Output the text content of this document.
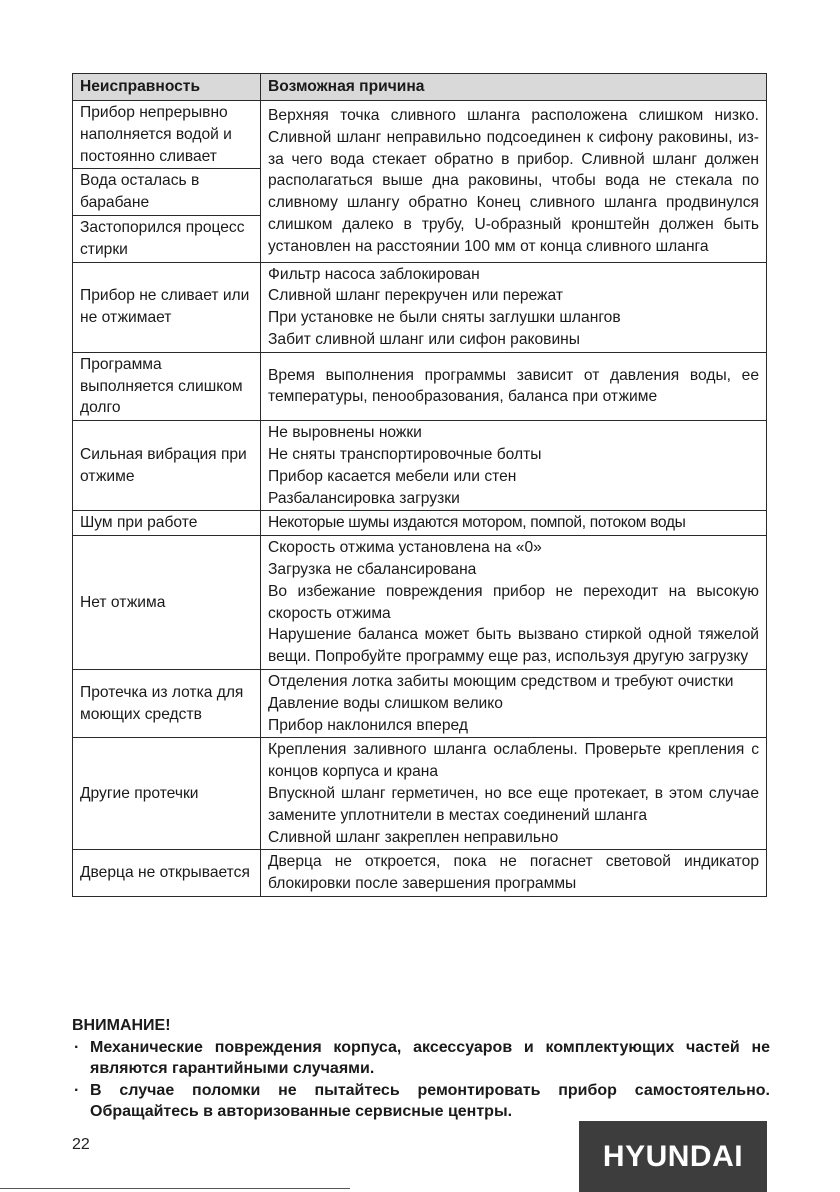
Неисправность	Возможная причина
Прибор непрерывно наполняется водой и постоянно сливает	Верхняя точка сливного шланга расположена слишком низко. Сливной шланг неправильно подсоединен к сифону раковины, из-за чего вода стекает обратно в прибор. Сливной шланг должен располагаться выше дна раковины, чтобы вода не стекала по сливному шлангу обратно Конец сливного шланга продвинулся слишком далеко в трубу, U-образный кронштейн должен быть установлен на расстоянии 100 мм от конца сливного шланга
Вода осталась в барабане	
Застопорился процесс стирки	
Прибор не сливает или не отжимает	Фильтр насоса заблокирован
Сливной шланг перекручен или пережат
При установке не были сняты заглушки шлангов
Забит сливной шланг или сифон раковины

Программа выполняется слишком долго	Время выполнения программы зависит от давления воды, ее температуры, пенообразования, баланса при отжиме

Сильная вибрация при отжиме	Не выровнены ножки
Не сняты транспортировочные болты
Прибор касается мебели или стен
Разбалансировка загрузки

Шум при работе	Некоторые шумы издаются мотором, помпой, потоком воды

Нет отжима	Скорость отжима установлена на «0»
Загрузка не сбалансирована
Во избежание повреждения прибор не переходит на высокую скорость отжима
Нарушение баланса может быть вызвано стиркой одной тяжелой вещи. Попробуйте программу еще раз, используя другую загрузку

Протечка из лотка для моющих средств	Отделения лотка забиты моющим средством и требуют очистки
Давление воды слишком велико
Прибор наклонился вперед

Другие протечки	Крепления заливного шланга ослаблены. Проверьте крепления с концов корпуса и крана
Впускной шланг герметичен, но все еще протекает, в этом случае замените уплотнители в местах соединений шланга
Сливной шланг закреплен неправильно

Дверца не открывается	Дверца не откроется, пока не погаснет световой индикатор блокировки после завершения программы
ВНИМАНИЕ!
· Механические повреждения корпуса, аксессуаров и комплектующих частей не являются гарантийными случаями.
· В случае поломки не пытайтесь ремонтировать прибор самостоятельно. Обращайтесь в авторизованные сервисные центры.
22	HYUNDAI
